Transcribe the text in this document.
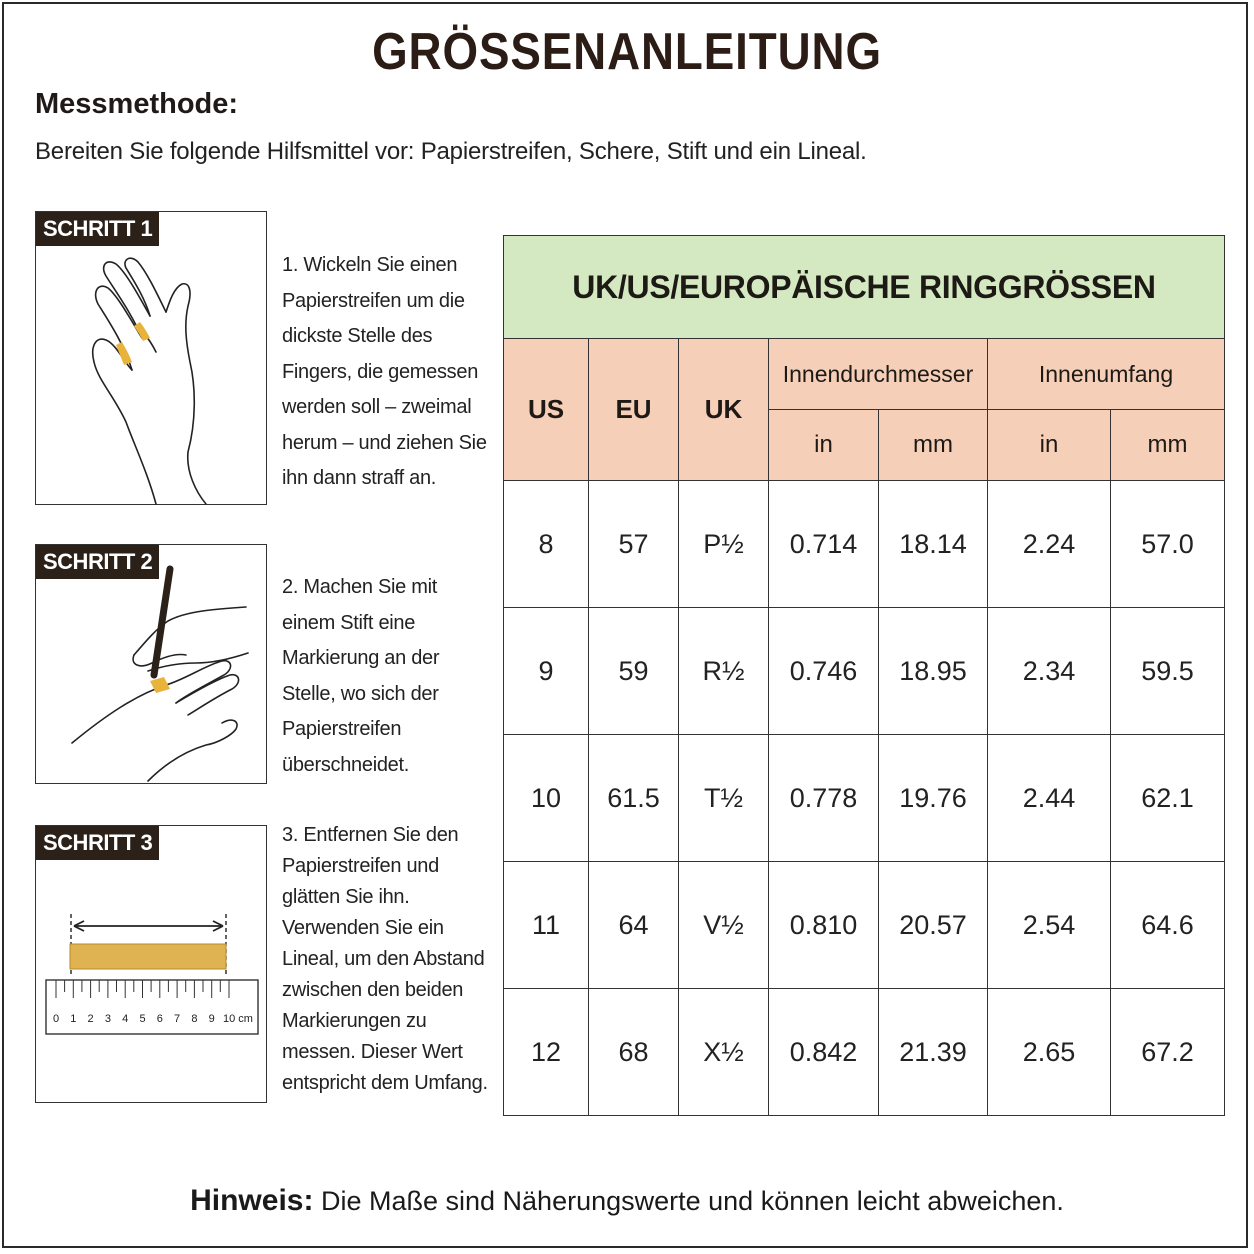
GRÖSSENANLEITUNG
Messmethode:
Bereiten Sie folgende Hilfsmittel vor: Papierstreifen, Schere, Stift und ein Lineal.
SCHRITT 1
1. Wickeln Sie einen Papierstreifen um die dickste Stelle des Fingers, die gemessen werden soll – zweimal herum – und ziehen Sie ihn dann straff an.
SCHRITT 2
2. Machen Sie mit einem Stift eine Markierung an der Stelle, wo sich der Papierstreifen überschneidet.
0 1 2 3 4 5 6 7 8 9 10 cm
SCHRITT 3	3. Entfernen Sie den Papierstreifen und glätten Sie ihn. Verwenden Sie ein Lineal, um den Abstand zwischen den beiden Markierungen zu messen. Dieser Wert entspricht dem Umfang.
UK/US/EUROPÄISCHE RINGGRÖSSEN						
US	EU	UK	Innendurchmesser		Innenumfang	
			in	mm	in	mm
8	57	P½	0.714	18.14	2.24	57.0
9	59	R½	0.746	18.95	2.34	59.5
10	61.5	T½	0.778	19.76	2.44	62.1
11	64	V½	0.810	20.57	2.54	64.6
12	68	X½	0.842	21.39	2.65	67.2
Hinweis: Die Maße sind Näherungswerte und können leicht abweichen.
